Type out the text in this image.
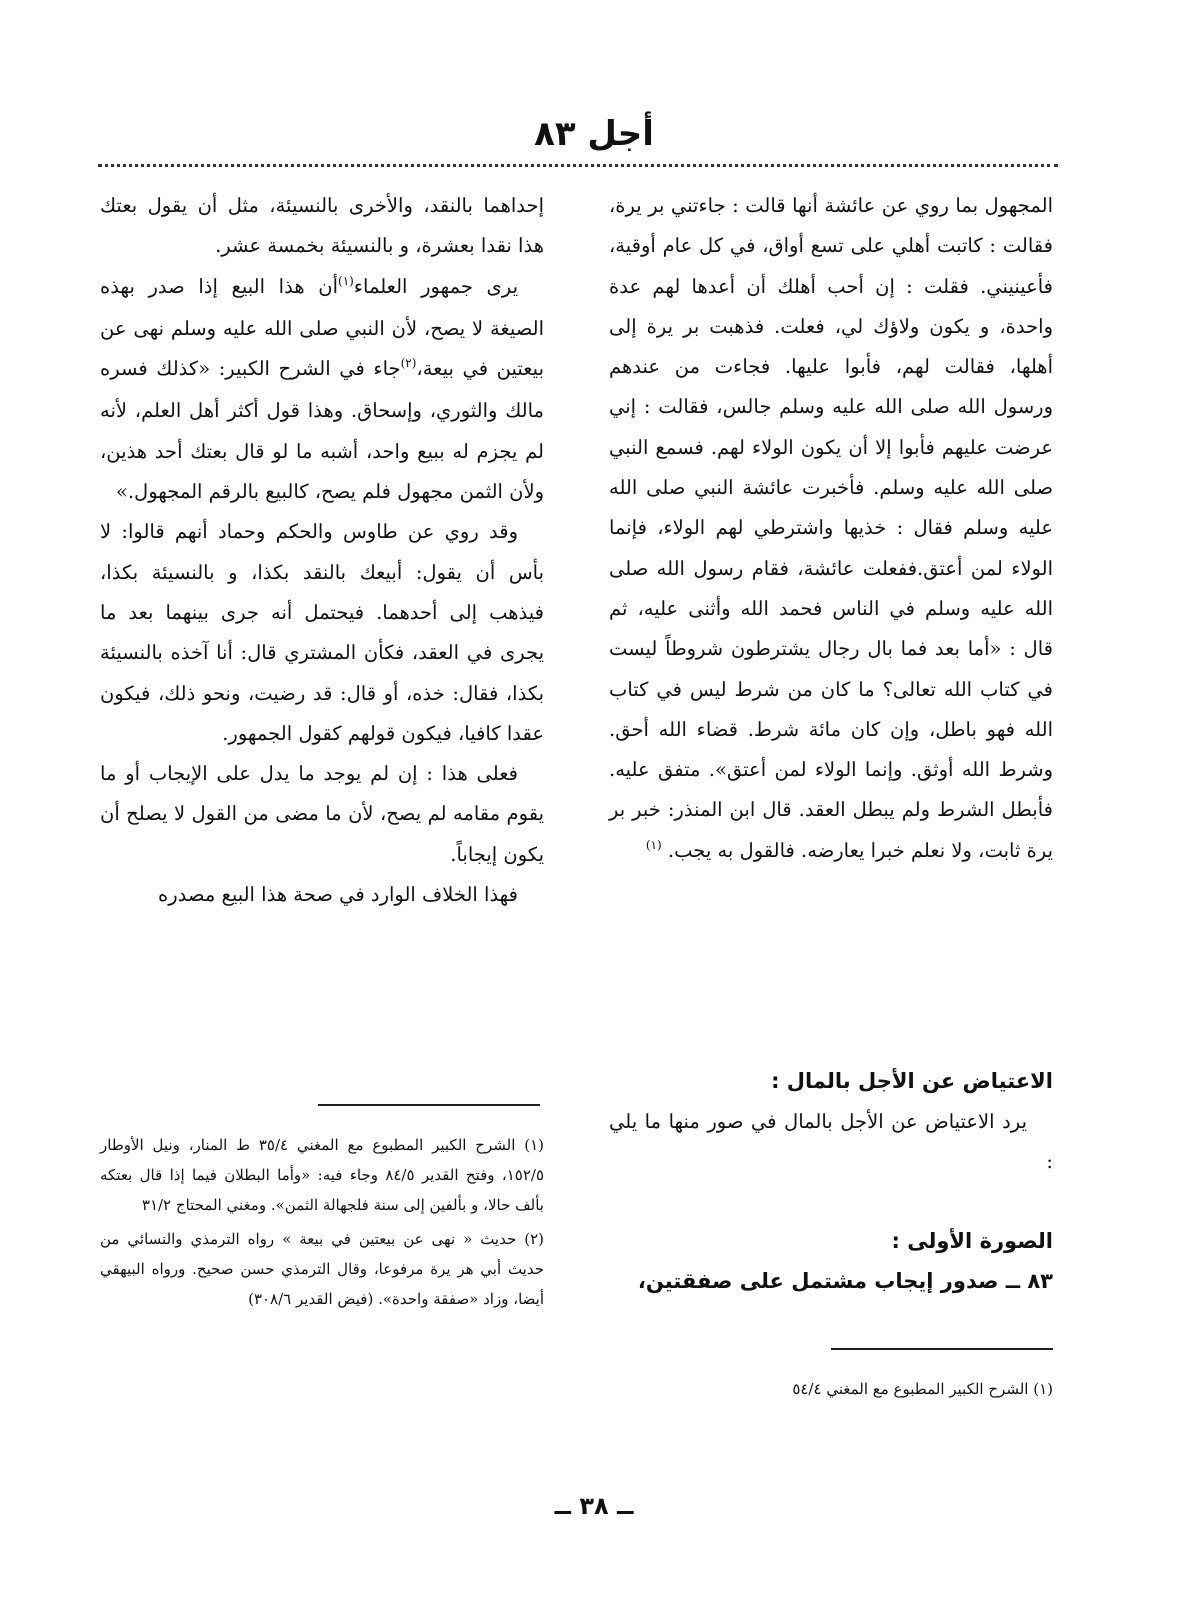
أجل ٨٣

المجهول بما روي عن عائشة أنها قالت : جاءتني بر يرة، فقالت : كاتبت أهلي على تسع أواق، في كل عام أوقية، فأعينيني. فقلت : إن أحب أهلك أن أعدها لهم عدة واحدة، و يكون ولاؤك لي، فعلت. فذهبت بر يرة إلى أهلها، فقالت لهم، فأبوا عليها. فجاءت من عندهم ورسول الله صلى الله عليه وسلم جالس، فقالت : إني عرضت عليهم فأبوا إلا أن يكون الولاء لهم. فسمع النبي صلى الله عليه وسلم. فأخبرت عائشة النبي صلى الله عليه وسلم فقال : خذيها واشترطي لهم الولاء، فإنما الولاء لمن أعتق.ففعلت عائشة، فقام رسول الله صلى الله عليه وسلم في الناس فحمد الله وأثنى عليه، ثم قال : «أما بعد فما بال رجال يشترطون شروطاً ليست في كتاب الله تعالى؟ ما كان من شرط ليس في كتاب الله فهو باطل، وإن كان مائة شرط. قضاء الله أحق. وشرط الله أوثق. وإنما الولاء لمن أعتق». متفق عليه. فأبطل الشرط ولم يبطل العقد. قال ابن المنذر: خبر بر يرة ثابت، ولا نعلم خبرا يعارضه. فالقول به يجب. $^{(١)}$

الاعتياض عن الأجل بالمال :
يرد الاعتياض عن الأجل بالمال في صور منها ما يلي :
الصورة الأولى :
٨٣ ــ صدور إيجاب مشتمل على صفقتين،

(١) الشرح الكبير المطبوع مع المغني ٥٤/٤

إحداهما بالنقد، والأخرى بالنسيئة، مثل أن يقول بعتك هذا نقدا بعشرة، و بالنسيئة بخمسة عشر.

يرى جمهور العلماء$^{(١)}$أن هذا البيع إذا صدر بهذه الصيغة لا يصح، لأن النبي صلى الله عليه وسلم نهى عن بيعتين في بيعة،$^{(٢)}$جاء في الشرح الكبير: «كذلك فسره مالك والثوري، وإسحاق. وهذا قول أكثر أهل العلم، لأنه لم يجزم له ببيع واحد، أشبه ما لو قال بعتك أحد هذين، ولأن الثمن مجهول فلم يصح، كالبيع بالرقم المجهول.»

وقد روي عن طاوس والحكم وحماد أنهم قالوا: لا بأس أن يقول: أبيعك بالنقد بكذا، و بالنسيئة بكذا، فيذهب إلى أحدهما. فيحتمل أنه جرى بينهما بعد ما يجرى في العقد، فكأن المشتري قال: أنا آخذه بالنسيئة بكذا، فقال: خذه، أو قال: قد رضيت، ونحو ذلك، فيكون عقدا كافيا، فيكون قولهم كقول الجمهور.

فعلى هذا : إن لم يوجد ما يدل على الإيجاب أو ما يقوم مقامه لم يصح، لأن ما مضى من القول لا يصلح أن يكون إيجاباً.

فهذا الخلاف الوارد في صحة هذا البيع مصدره

(١) الشرح الكبير المطبوع مع المغني ٣٥/٤ ط المنار، ونيل الأوطار ١٥٢/٥، وفتح القدير ٨٤/٥ وجاء فيه: «وأما البطلان فيما إذا قال بعتكه بألف حالا، و بألفين إلى سنة فلجهالة الثمن». ومغني المحتاج ٣١/٢

(٢) حديث « نهى عن بيعتين في بيعة » رواه الترمذي والنسائي من حديث أبي هر يرة مرفوعا، وقال الترمذي حسن صحيح. ورواه البيهقي أيضا، وزاد «صفقة واحدة». (فيض القدير ٣٠٨/٦)

ــ ٣٨ ــ
